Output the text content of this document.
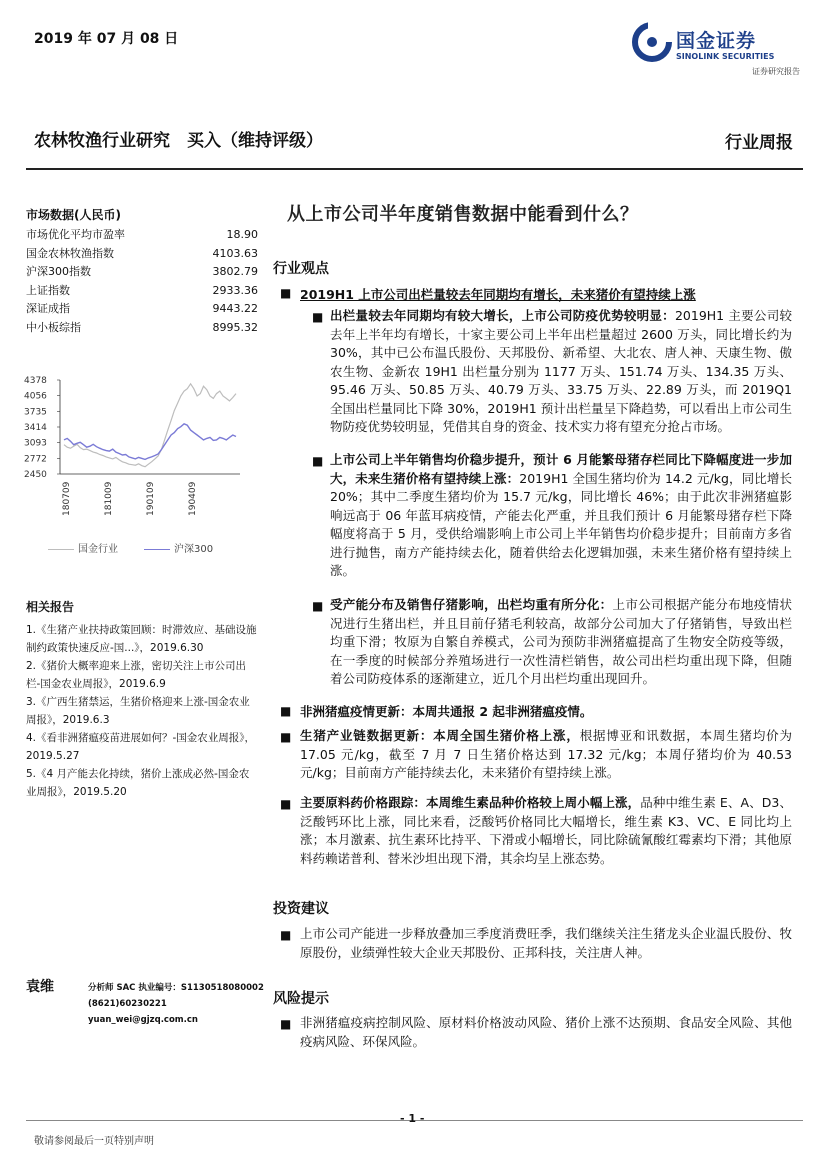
2019 年 07 月 08 日	国金证券
SINOLINK SECURITIES
证券研究报告
农林牧渔行业研究　买入（维持评级）	行业周报
市场数据(人民币)
市场优化平均市盈率	18.90
国金农林牧渔指数	4103.63
沪深300指数	3802.79
上证指数	2933.36
深证成指	9443.22
中小板综指	8995.32
4378
4056
3735
3414
3093
2772
2450
180709	181009	190109	190409
国金行业	沪深300
相关报告
1.《生猪产业扶持政策回顾：时滞效应、基础设施制约政策快速反应-国...》，2019.6.30
2.《猪价大概率迎来上涨，密切关注上市公司出栏-国金农业周报》，2019.6.9
3.《广西生猪禁运，生猪价格迎来上涨-国金农业周报》，2019.6.3
4.《看非洲猪瘟疫苗进展如何？-国金农业周报》，2019.5.27
5.《4 月产能去化持续，猪价上涨成必然-国金农业周报》，2019.5.20
袁维	分析师 SAC 执业编号：S1130518080002
(8621)60230221
yuan_wei@gjzq.com.cn
从上市公司半年度销售数据中能看到什么？
行业观点
■ 2019H1 上市公司出栏量较去年同期均有增长，未来猪价有望持续上涨
■ 出栏量较去年同期均有较大增长，上市公司防疫优势较明显：2019H1 主要公司较去年上半年均有增长，十家主要公司上半年出栏量超过 2600 万头，同比增长约为 30%，其中已公布温氏股份、天邦股份、新希望、大北农、唐人神、天康生物、傲农生物、金新农 19H1 出栏量分别为 1177 万头、151.74 万头、134.35 万头、95.46 万头、50.85 万头、40.79 万头、33.75 万头、22.89 万头，而 2019Q1 全国出栏量同比下降 30%，2019H1 预计出栏量呈下降趋势，可以看出上市公司生物防疫优势较明显，凭借其自身的资金、技术实力将有望充分抢占市场。
■ 上市公司上半年销售均价稳步提升，预计 6 月能繁母猪存栏同比下降幅度进一步加大，未来生猪价格有望持续上涨：2019H1 全国生猪均价为 14.2 元/kg，同比增长 20%；其中二季度生猪均价为 15.7 元/kg，同比增长 46%；由于此次非洲猪瘟影响远高于 06 年蓝耳病疫情，产能去化严重，并且我们预计 6 月能繁母猪存栏下降幅度将高于 5 月，受供给端影响上市公司上半年销售均价稳步提升；目前南方多省进行抛售，南方产能持续去化，随着供给去化逻辑加强，未来生猪价格有望持续上涨。
■ 受产能分布及销售仔猪影响，出栏均重有所分化：上市公司根据产能分布地疫情状况进行生猪出栏，并且目前仔猪毛利较高，故部分公司加大了仔猪销售，导致出栏均重下滑；牧原为自繁自养模式，公司为预防非洲猪瘟提高了生物安全防疫等级，在一季度的时候部分养殖场进行一次性清栏销售，故公司出栏均重出现下降，但随着公司防疫体系的逐渐建立，近几个月出栏均重出现回升。
■ 非洲猪瘟疫情更新：本周共通报 2 起非洲猪瘟疫情。
■ 生猪产业链数据更新：本周全国生猪价格上涨，根据博亚和讯数据，本周生猪均价为 17.05 元/kg，截至 7 月 7 日生猪价格达到 17.32 元/kg；本周仔猪均价为 40.53 元/kg；目前南方产能持续去化，未来猪价有望持续上涨。
■ 主要原料药价格跟踪：本周维生素品种价格较上周小幅上涨，品种中维生素 E、A、D3、泛酸钙环比上涨，同比来看，泛酸钙价格同比大幅增长，维生素 K3、VC、E 同比均上涨；本月激素、抗生素环比持平、下滑或小幅增长，同比除硫氰酸红霉素均下滑；其他原料药赖诺普利、替米沙坦出现下滑，其余均呈上涨态势。
投资建议
■ 上市公司产能进一步释放叠加三季度消费旺季，我们继续关注生猪龙头企业温氏股份、牧原股份，业绩弹性较大企业天邦股份、正邦科技，关注唐人神。
风险提示
■ 非洲猪瘟疫病控制风险、原材料价格波动风险、猪价上涨不达预期、食品安全风险、其他疫病风险、环保风险。
- 1 -
敬请参阅最后一页特别声明
